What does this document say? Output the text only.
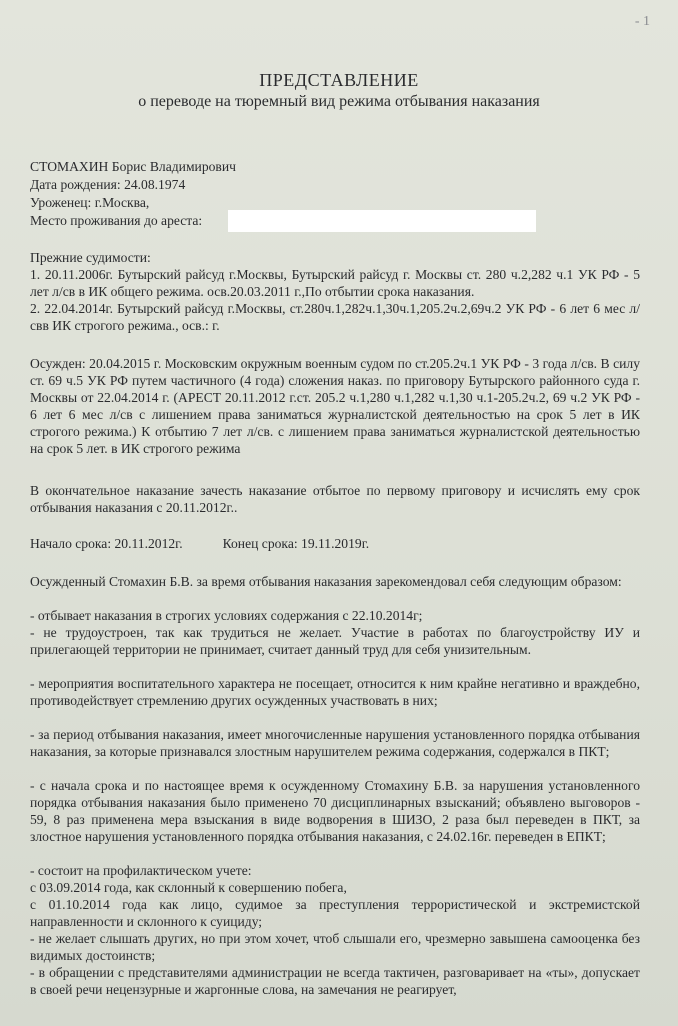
- 1
ПРЕДСТАВЛЕНИЕ
о переводе на тюремный вид режима отбывания наказания
СТОМАХИН Борис Владимирович
Дата рождения: 24.08.1974
Уроженец: г.Москва,
Место проживания до ареста:
Прежние судимости:
1. 20.11.2006г. Бутырский райсуд г.Москвы, Бутырский райсуд г. Москвы ст. 280 ч.2,282 ч.1 УК РФ - 5 лет л/св в ИК общего режима. осв.20.03.2011 г.,По отбытии срока наказания.
2. 22.04.2014г. Бутырский райсуд г.Москвы, ст.280ч.1,282ч.1,30ч.1,205.2ч.2,69ч.2 УК РФ - 6 лет 6 мес л/свв ИК строгого режима., осв.: г.
Осужден: 20.04.2015 г. Московским окружным военным судом по ст.205.2ч.1 УК РФ - 3 года л/св. В силу ст. 69 ч.5 УК РФ путем частичного (4 года) сложения наказ. по приговору Бутырского районного суда г. Москвы от 22.04.2014 г. (АРЕСТ 20.11.2012 г.ст. 205.2 ч.1,280 ч.1,282 ч.1,30 ч.1-205.2ч.2, 69 ч.2 УК РФ - 6 лет 6 мес л/св с лишением права заниматься журналистской деятельностью на срок 5 лет в ИК строгого режима.) К отбытию 7 лет л/св. с лишением права заниматься журналистской деятельностью на срок 5 лет. в ИК строгого режима
В окончательное наказание зачесть наказание отбытое по первому приговору и исчислять ему срок отбывания наказания с 20.11.2012г..
Начало срока: 20.11.2012г.	Конец срока: 19.11.2019г.
Осужденный Стомахин Б.В. за время отбывания наказания зарекомендовал себя следующим образом:
- отбывает наказания в строгих условиях содержания с 22.10.2014г;
- не трудоустроен, так как трудиться не желает. Участие в работах по благоустройству ИУ и прилегающей территории не принимает, считает данный труд для себя унизительным.
- мероприятия воспитательного характера не посещает, относится к ним крайне негативно и враждебно, противодействует стремлению других осужденных участвовать в них;
- за период отбывания наказания, имеет многочисленные нарушения установленного порядка отбывания наказания, за которые признавался злостным нарушителем режима содержания, содержался в ПКТ;
- с начала срока и по настоящее время к осужденному Стомахину Б.В. за нарушения установленного порядка отбывания наказания было применено 70 дисциплинарных взысканий; объявлено выговоров - 59, 8 раз применена мера взыскания в виде водворения в ШИЗО, 2 раза был переведен в ПКТ, за злостное нарушения установленного порядка отбывания наказания, с 24.02.16г. переведен в ЕПКТ;
- состоит на профилактическом учете:
с 03.09.2014 года, как склонный к совершению побега,
с 01.10.2014 года как лицо, судимое за преступления террористической и экстремистской направленности и склонного к суициду;
- не желает слышать других, но при этом хочет, чтоб слышали его, чрезмерно завышена самооценка без видимых достоинств;
- в обращении с представителями администрации не всегда тактичен, разговаривает на «ты», допускает в своей речи нецензурные и жаргонные слова, на замечания не реагирует,
